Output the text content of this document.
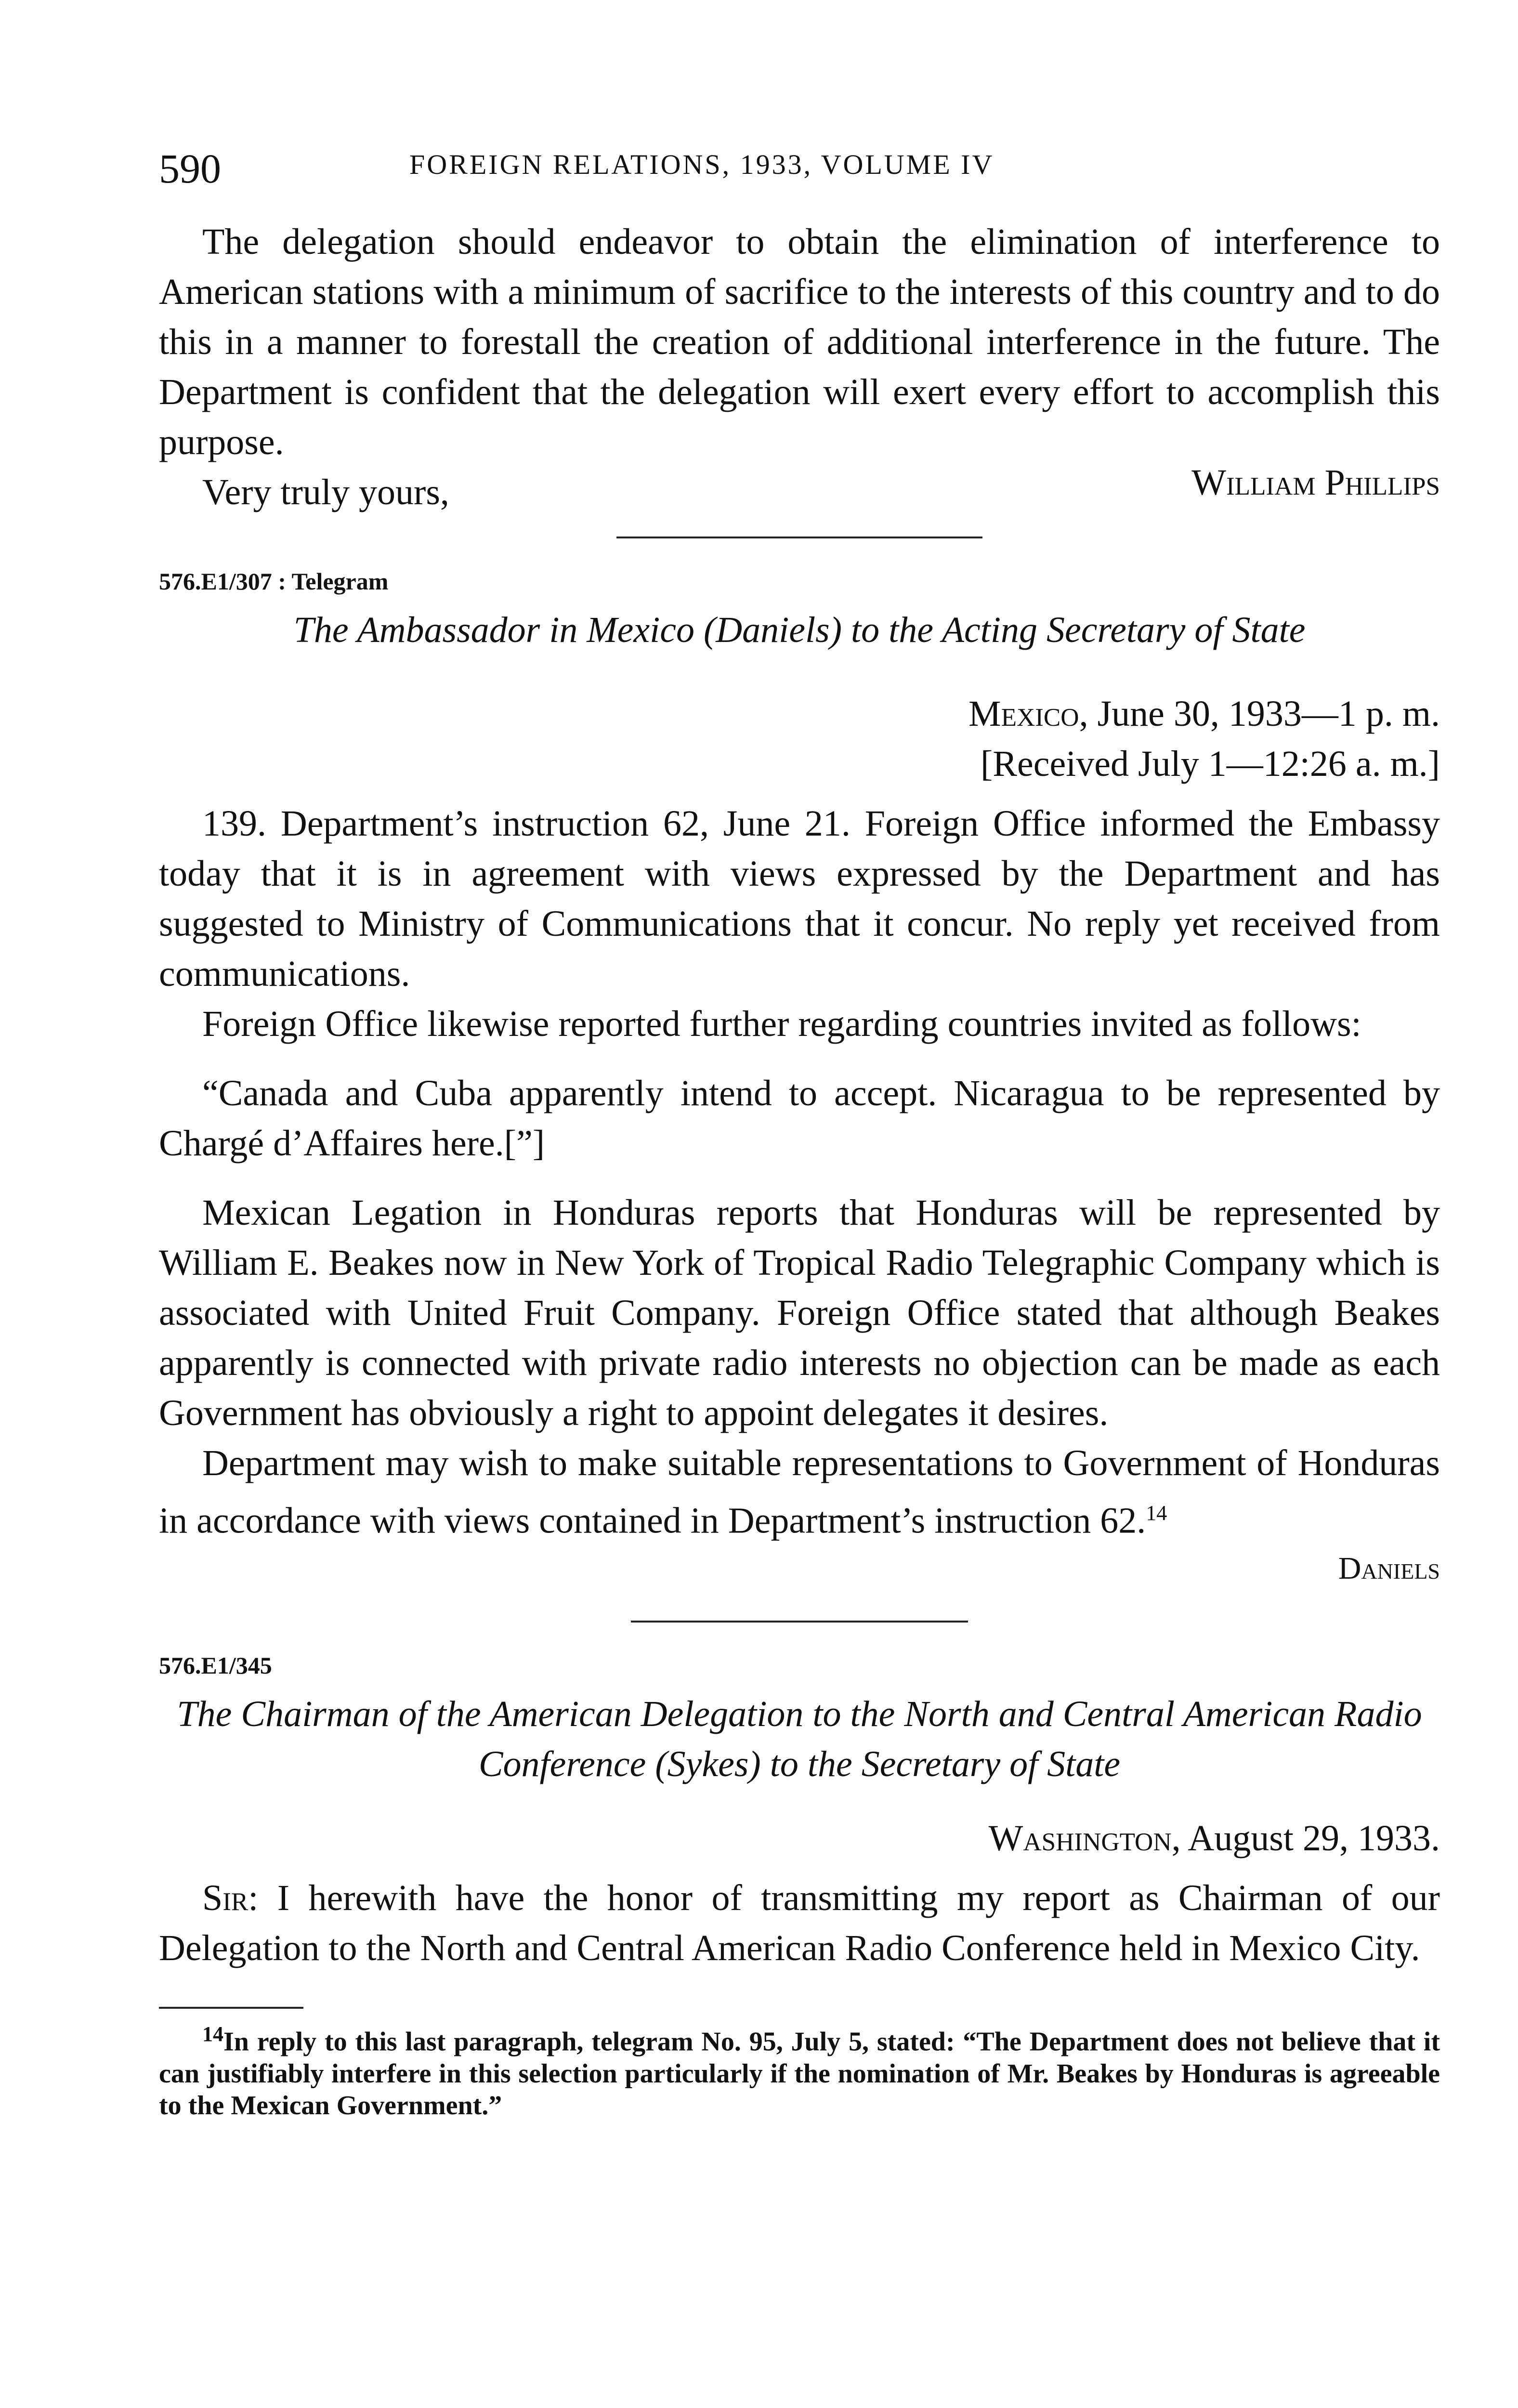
590	FOREIGN RELATIONS, 1933, VOLUME IV

The delegation should endeavor to obtain the elimination of interference to American stations with a minimum of sacrifice to the interests of this country and to do this in a manner to forestall the creation of additional interference in the future. The Department is confident that the delegation will exert every effort to accomplish this purpose.

Very truly yours,	William Phillips
576.E1/307 : Telegram
The Ambassador in Mexico (Daniels) to the Acting Secretary of State
Mexico, June 30, 1933—1 p. m.
[Received July 1—12:26 a. m.]

139. Department’s instruction 62, June 21. Foreign Office informed the Embassy today that it is in agreement with views expressed by the Department and has suggested to Ministry of Communications that it concur. No reply yet received from communications.

Foreign Office likewise reported further regarding countries invited as follows:

“Canada and Cuba apparently intend to accept. Nicaragua to be represented by Chargé d’Affaires here.[”]

Mexican Legation in Honduras reports that Honduras will be represented by William E. Beakes now in New York of Tropical Radio Telegraphic Company which is associated with United Fruit Company. Foreign Office stated that although Beakes apparently is connected with private radio interests no objection can be made as each Government has obviously a right to appoint delegates it desires.

Department may wish to make suitable representations to Government of Honduras in accordance with views contained in Department’s instruction 62.14

Daniels
576.E1/345
The Chairman of the American Delegation to the North and Central American Radio Conference (Sykes) to the Secretary of State
Washington, August 29, 1933.

Sir: I herewith have the honor of transmitting my report as Chairman of our Delegation to the North and Central American Radio Conference held in Mexico City.

$^{14}$In reply to this last paragraph, telegram No. 95, July 5, stated: “The Department does not believe that it can justifiably interfere in this selection particularly if the nomination of Mr. Beakes by Honduras is agreeable to the Mexican Government.”
